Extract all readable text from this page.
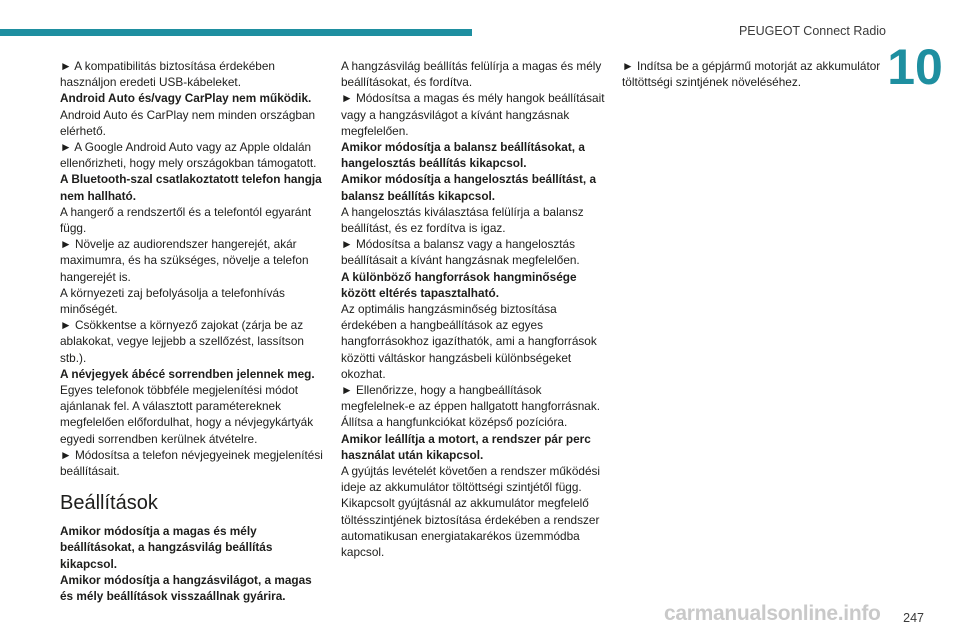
PEUGEOT Connect Radio
10

► A kompatibilitás biztosítása érdekében használjon eredeti USB-kábeleket.

Android Auto és/vagy CarPlay nem működik.

Android Auto és CarPlay nem minden országban elérhető.

► A Google Android Auto vagy az Apple oldalán ellenőrizheti, hogy mely országokban támogatott.

A Bluetooth-szal csatlakoztatott telefon hangja nem hallható.

A hangerő a rendszertől és a telefontól egyaránt függ.

► Növelje az audiorendszer hangerejét, akár maximumra, és ha szükséges, növelje a telefon hangerejét is.

A környezeti zaj befolyásolja a telefonhívás minőségét.

► Csökkentse a környező zajokat (zárja be az ablakokat, vegye lejjebb a szellőzést, lassítson stb.).

A névjegyek ábécé sorrendben jelennek meg.

Egyes telefonok többféle megjelenítési módot ajánlanak fel. A választott paramétereknek megfelelően előfordulhat, hogy a névjegykártyák egyedi sorrendben kerülnek átvételre.

► Módosítsa a telefon névjegyeinek megjelenítési beállításait.

Beállítások

Amikor módosítja a magas és mély beállításokat, a hangzásvilág beállítás kikapcsol.

Amikor módosítja a hangzásvilágot, a magas és mély beállítások visszaállnak gyárira.

A hangzásvilág beállítás felülírja a magas és mély beállításokat, és fordítva.

► Módosítsa a magas és mély hangok beállításait vagy a hangzásvilágot a kívánt hangzásnak megfelelően.

Amikor módosítja a balansz beállításokat, a hangelosztás beállítás kikapcsol.

Amikor módosítja a hangelosztás beállítást, a balansz beállítás kikapcsol.

A hangelosztás kiválasztása felülírja a balansz beállítást, és ez fordítva is igaz.

► Módosítsa a balansz vagy a hangelosztás beállításait a kívánt hangzásnak megfelelően.

A különböző hangforrások hangminősége között eltérés tapasztalható.

Az optimális hangzásminőség biztosítása érdekében a hangbeállítások az egyes hangforrásokhoz igazíthatók, ami a hangforrások közötti váltáskor hangzásbeli különbségeket okozhat.

► Ellenőrizze, hogy a hangbeállítások megfelelnek-e az éppen hallgatott hangforrásnak. Állítsa a hangfunkciókat középső pozícióra.

Amikor leállítja a motort, a rendszer pár perc használat után kikapcsol.

A gyújtás levételét követően a rendszer működési ideje az akkumulátor töltöttségi szintjétől függ.

Kikapcsolt gyújtásnál az akkumulátor megfelelő töltésszintjének biztosítása érdekében a rendszer automatikusan energiatakarékos üzemmódba kapcsol.

► Indítsa be a gépjármű motorját az akkumulátor töltöttségi szintjének növeléséhez.

carmanualsonline.info	247
